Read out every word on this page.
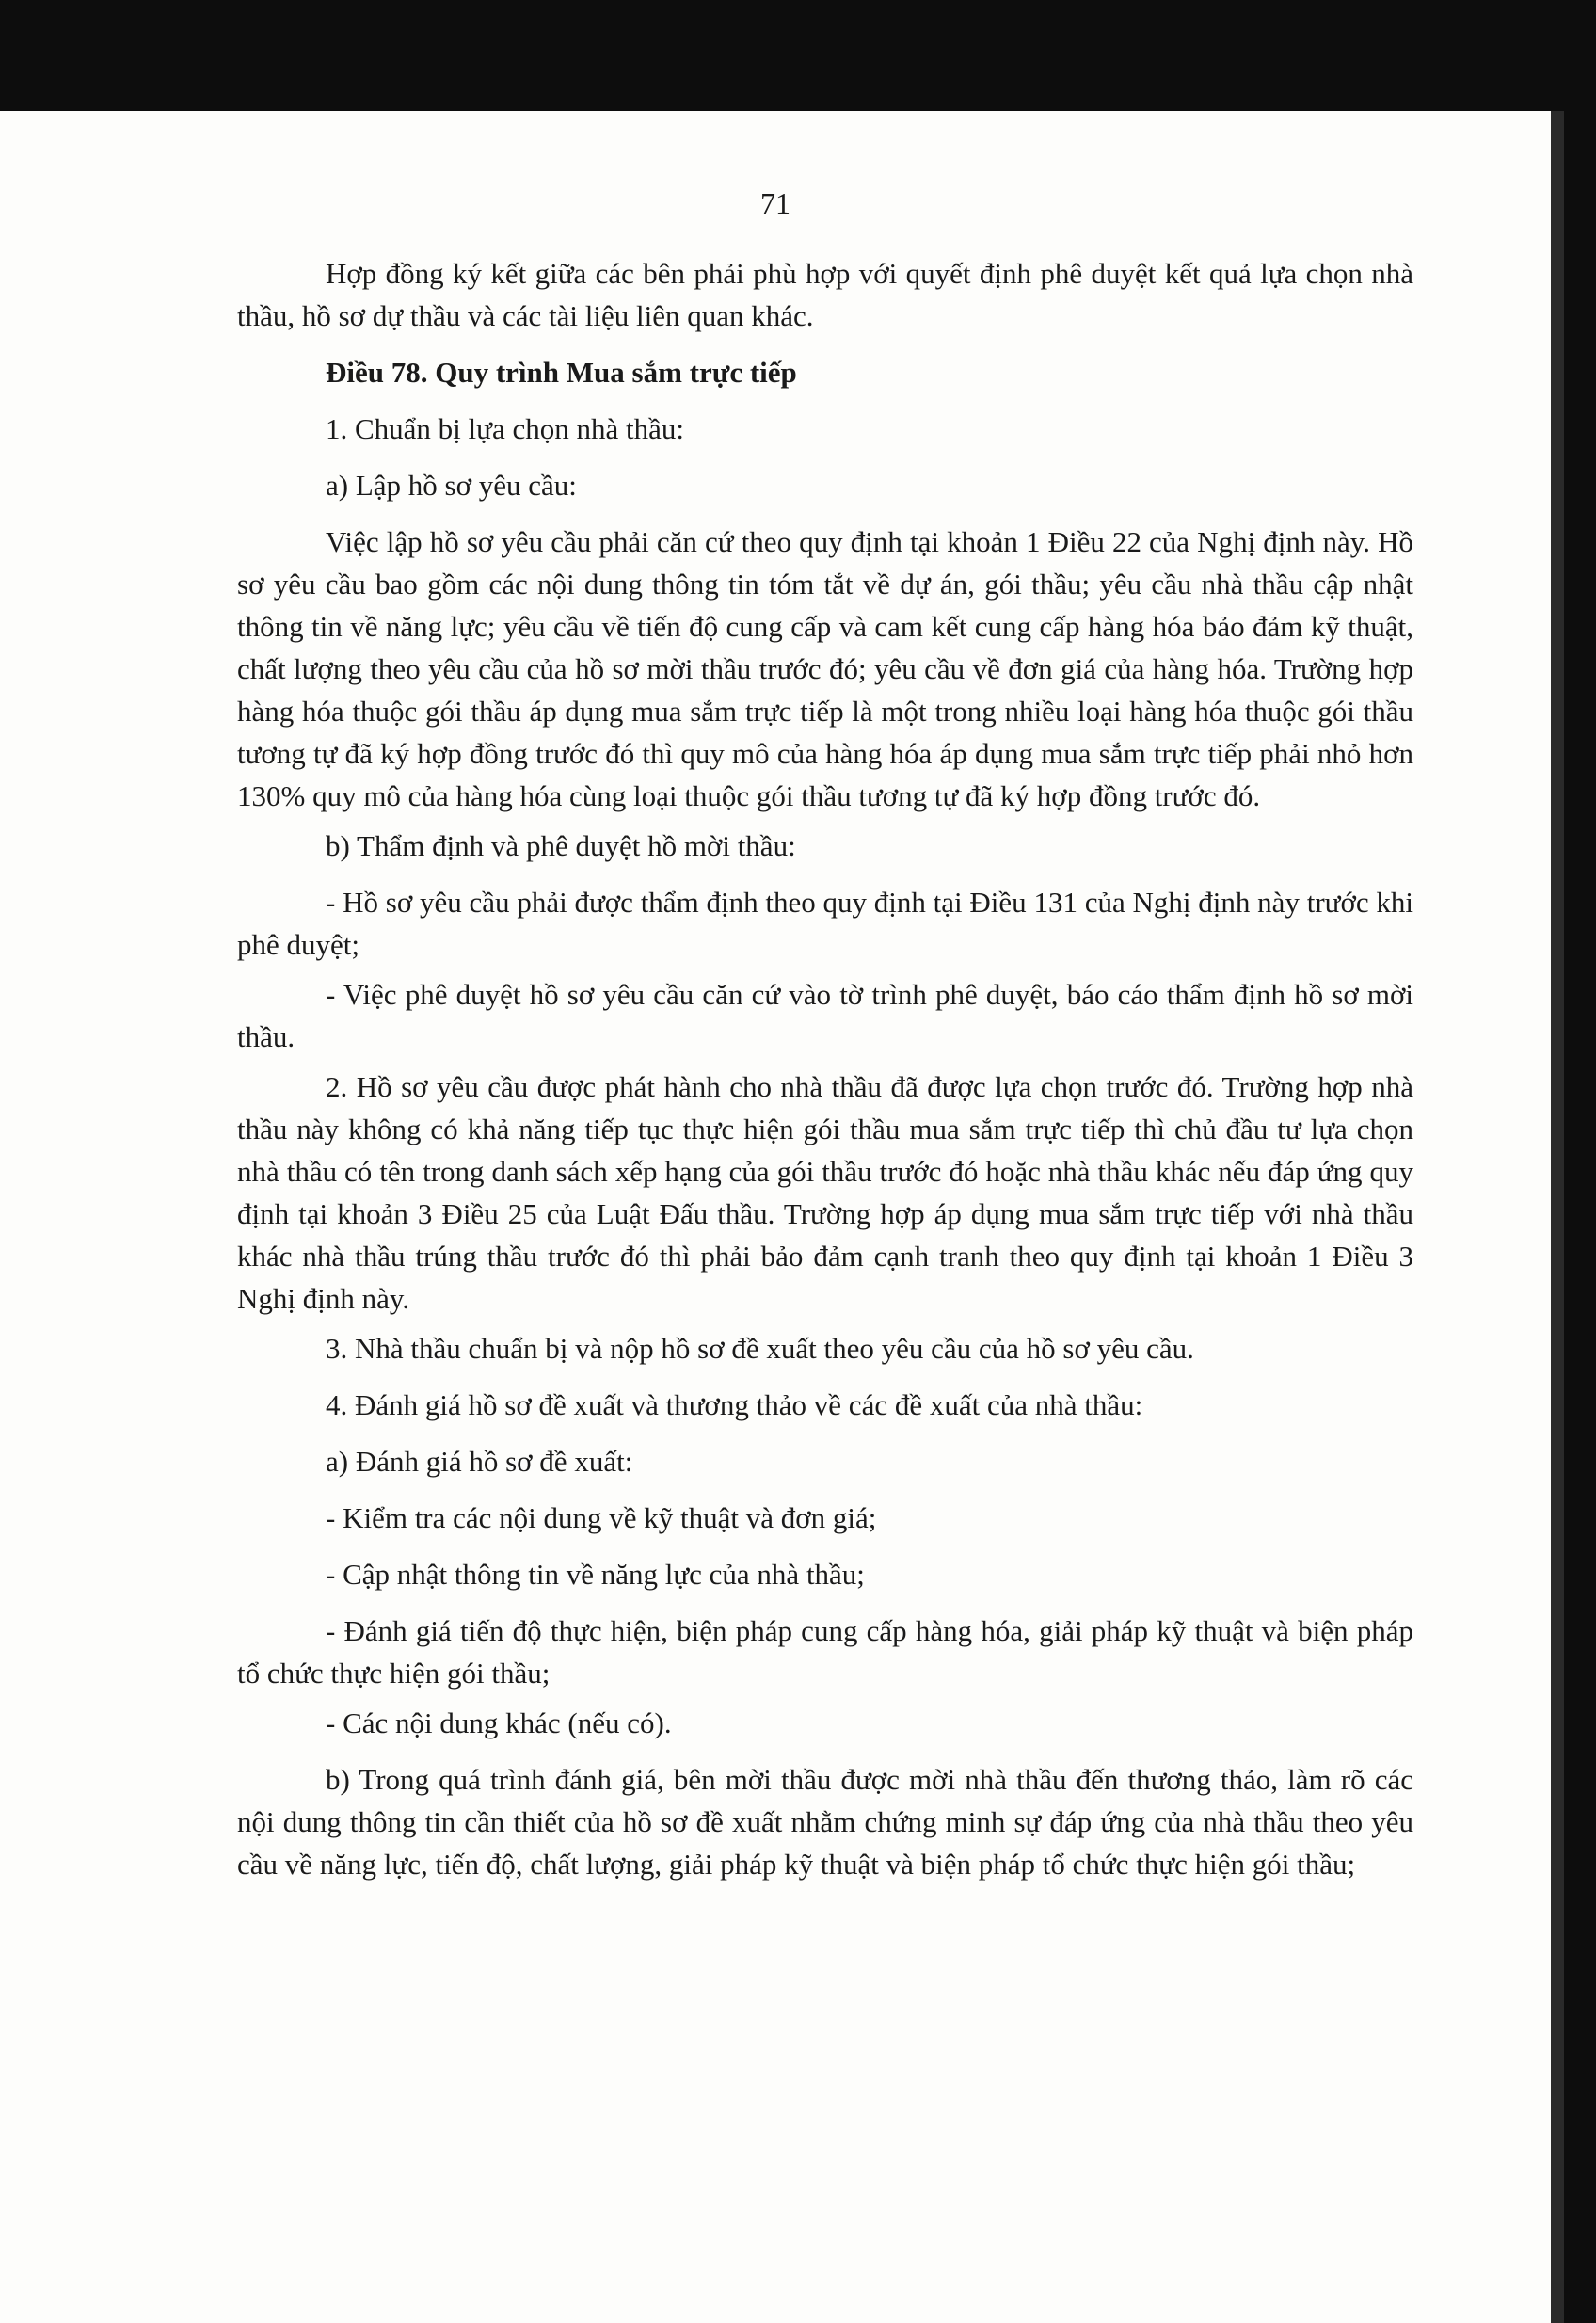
71

Hợp đồng ký kết giữa các bên phải phù hợp với quyết định phê duyệt kết quả lựa chọn nhà thầu, hồ sơ dự thầu và các tài liệu liên quan khác.

Điều 78. Quy trình Mua sắm trực tiếp

1. Chuẩn bị lựa chọn nhà thầu:

a) Lập hồ sơ yêu cầu:

Việc lập hồ sơ yêu cầu phải căn cứ theo quy định tại khoản 1 Điều 22 của Nghị định này. Hồ sơ yêu cầu bao gồm các nội dung thông tin tóm tắt về dự án, gói thầu; yêu cầu nhà thầu cập nhật thông tin về năng lực; yêu cầu về tiến độ cung cấp và cam kết cung cấp hàng hóa bảo đảm kỹ thuật, chất lượng theo yêu cầu của hồ sơ mời thầu trước đó; yêu cầu về đơn giá của hàng hóa. Trường hợp hàng hóa thuộc gói thầu áp dụng mua sắm trực tiếp là một trong nhiều loại hàng hóa thuộc gói thầu tương tự đã ký hợp đồng trước đó thì quy mô của hàng hóa áp dụng mua sắm trực tiếp phải nhỏ hơn 130% quy mô của hàng hóa cùng loại thuộc gói thầu tương tự đã ký hợp đồng trước đó.

b) Thẩm định và phê duyệt hồ mời thầu:

- Hồ sơ yêu cầu phải được thẩm định theo quy định tại Điều 131 của Nghị định này trước khi phê duyệt;

- Việc phê duyệt hồ sơ yêu cầu căn cứ vào tờ trình phê duyệt, báo cáo thẩm định hồ sơ mời thầu.

2. Hồ sơ yêu cầu được phát hành cho nhà thầu đã được lựa chọn trước đó. Trường hợp nhà thầu này không có khả năng tiếp tục thực hiện gói thầu mua sắm trực tiếp thì chủ đầu tư lựa chọn nhà thầu có tên trong danh sách xếp hạng của gói thầu trước đó hoặc nhà thầu khác nếu đáp ứng quy định tại khoản 3 Điều 25 của Luật Đấu thầu. Trường hợp áp dụng mua sắm trực tiếp với nhà thầu khác nhà thầu trúng thầu trước đó thì phải bảo đảm cạnh tranh theo quy định tại khoản 1 Điều 3 Nghị định này.

3. Nhà thầu chuẩn bị và nộp hồ sơ đề xuất theo yêu cầu của hồ sơ yêu cầu.

4. Đánh giá hồ sơ đề xuất và thương thảo về các đề xuất của nhà thầu:

a) Đánh giá hồ sơ đề xuất:

- Kiểm tra các nội dung về kỹ thuật và đơn giá;

- Cập nhật thông tin về năng lực của nhà thầu;

- Đánh giá tiến độ thực hiện, biện pháp cung cấp hàng hóa, giải pháp kỹ thuật và biện pháp tổ chức thực hiện gói thầu;

- Các nội dung khác (nếu có).

b) Trong quá trình đánh giá, bên mời thầu được mời nhà thầu đến thương thảo, làm rõ các nội dung thông tin cần thiết của hồ sơ đề xuất nhằm chứng minh sự đáp ứng của nhà thầu theo yêu cầu về năng lực, tiến độ, chất lượng, giải pháp kỹ thuật và biện pháp tổ chức thực hiện gói thầu;
